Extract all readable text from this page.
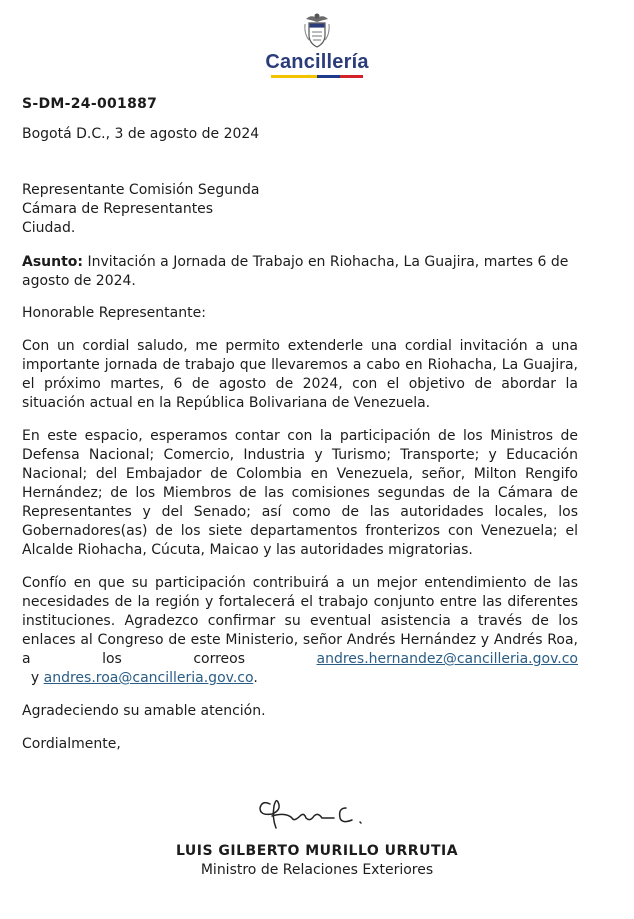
Cancillería

S-DM-24-001887

Bogotá D.C., 3 de agosto de 2024

Representante Comisión Segunda

Cámara de Representantes

Ciudad.

Asunto: Invitación a Jornada de Trabajo en Riohacha, La Guajira, martes 6 de agosto de 2024.

Honorable Representante:

Con un cordial saludo, me permito extenderle una cordial invitación a una importante jornada de trabajo que llevaremos a cabo en Riohacha, La Guajira, el próximo martes, 6 de agosto de 2024, con el objetivo de abordar la situación actual en la República Bolivariana de Venezuela.

En este espacio, esperamos contar con la participación de los Ministros de Defensa Nacional; Comercio, Industria y Turismo; Transporte; y Educación Nacional; del Embajador de Colombia en Venezuela, señor, Milton Rengifo Hernández; de los Miembros de las comisiones segundas de la Cámara de Representantes y del Senado; así como de las autoridades locales, los Gobernadores(as) de los siete departamentos fronterizos con Venezuela; el Alcalde Riohacha, Cúcuta, Maicao y las autoridades migratorias.

Confío en que su participación contribuirá a un mejor entendimiento de las necesidades de la región y fortalecerá el trabajo conjunto entre las diferentes instituciones. Agradezco confirmar su eventual asistencia a través de los enlaces al Congreso de este Ministerio, señor Andrés Hernández y Andrés Roa, a los correos andres.hernandez@cancilleria.gov.co  y andres.roa@cancilleria.gov.co.

Agradeciendo su amable atención.

Cordialmente,

LUIS GILBERTO MURILLO URRUTIA
Ministro de Relaciones Exteriores
